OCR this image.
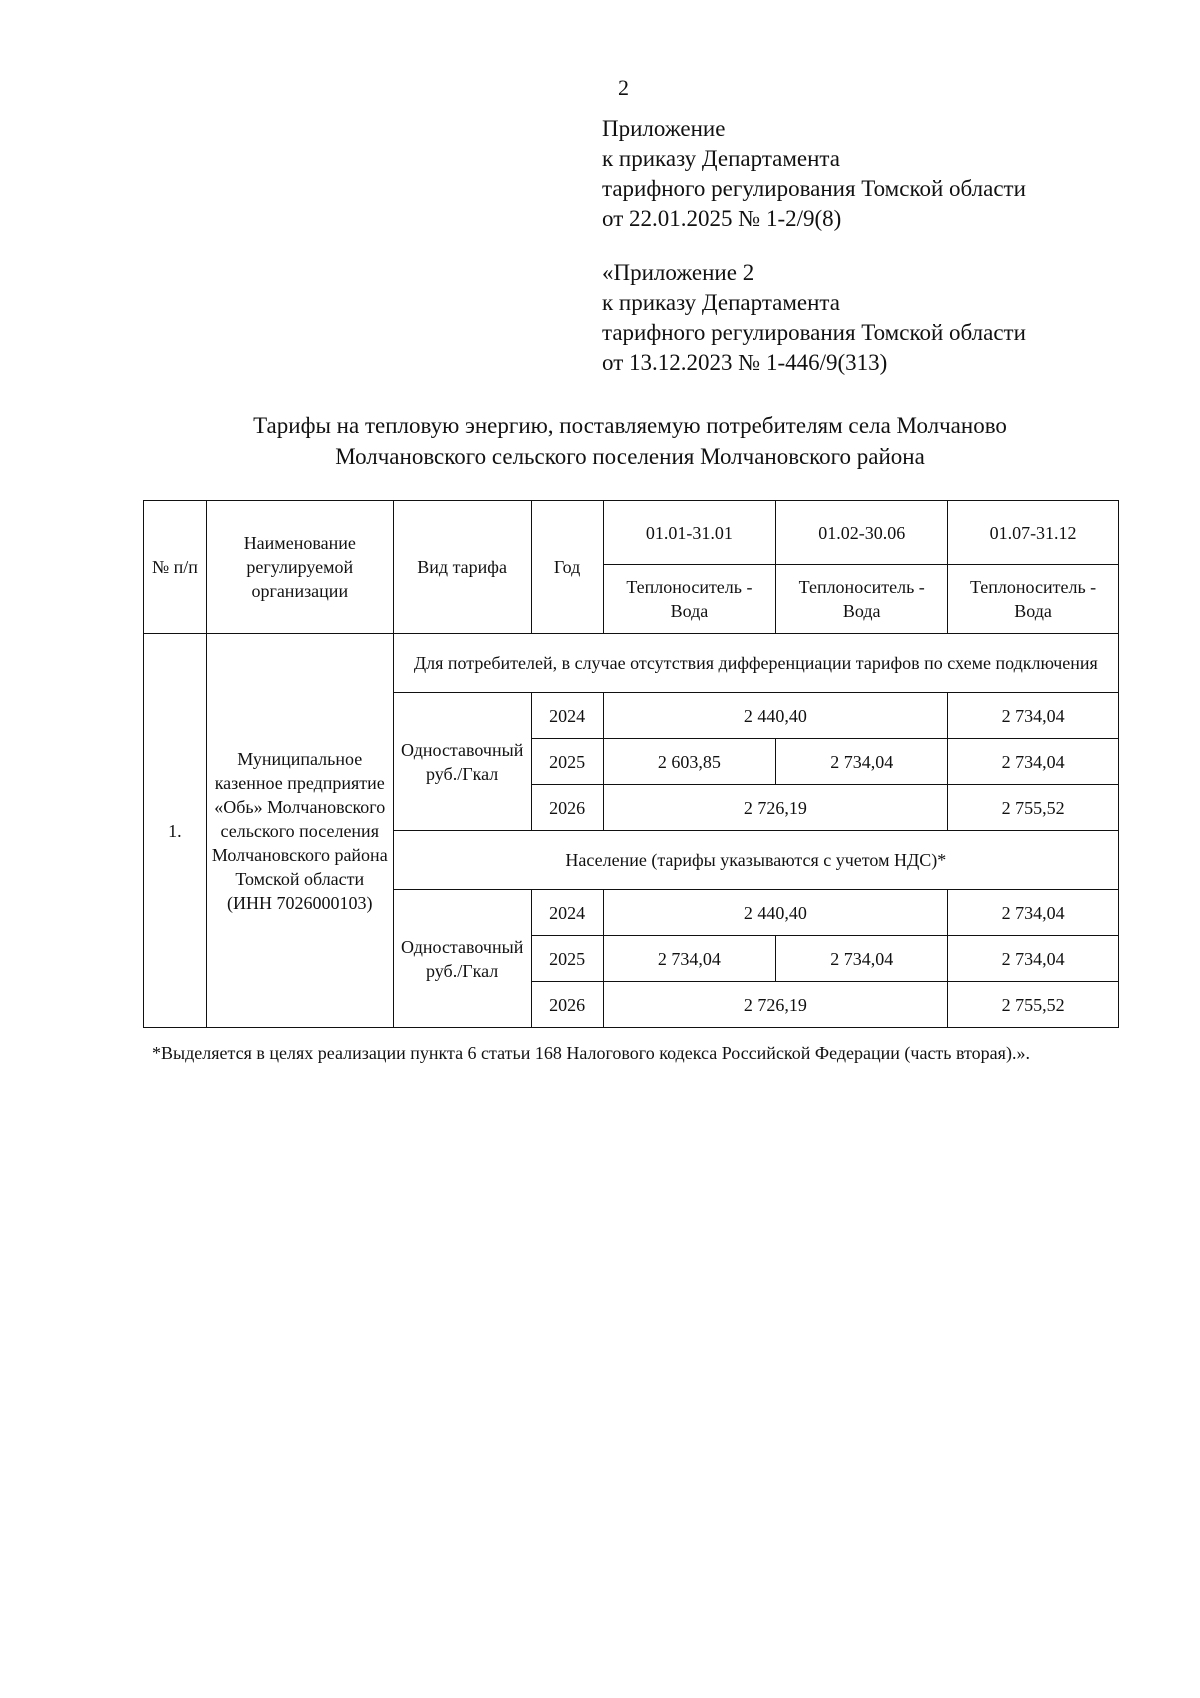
2
Приложение
к приказу Департамента
тарифного регулирования Томской области
от 22.01.2025 № 1-2/9(8)
«Приложение 2
к приказу Департамента
тарифного регулирования Томской области
от 13.12.2023 № 1-446/9(313)
Тарифы на тепловую энергию, поставляемую потребителям села Молчаново
Молчановского сельского поселения Молчановского района
№ п/п	Наименование регулируемой организации	Вид тарифа	Год	01.01-31.01	01.02-30.06	01.07-31.12
				Теплоноситель - Вода	Теплоноситель - Вода	Теплоноситель - Вода
1.	Муниципальное казенное предприятие «Обь» Молчановского сельского поселения Молчановского района Томской области (ИНН 7026000103)	Для потребителей, в случае отсутствия дифференциации тарифов по схеме подключения				
		Одноставочный руб./Гкал	2024	2 440,40		2 734,04
			2025	2 603,85	2 734,04	2 734,04
			2026	2 726,19		2 755,52
		Население (тарифы указываются с учетом НДС)*				
		Одноставочный руб./Гкал	2024	2 440,40		2 734,04
			2025	2 734,04	2 734,04	2 734,04
			2026	2 726,19		2 755,52
*Выделяется в целях реализации пункта 6 статьи 168 Налогового кодекса Российской Федерации (часть вторая).».
